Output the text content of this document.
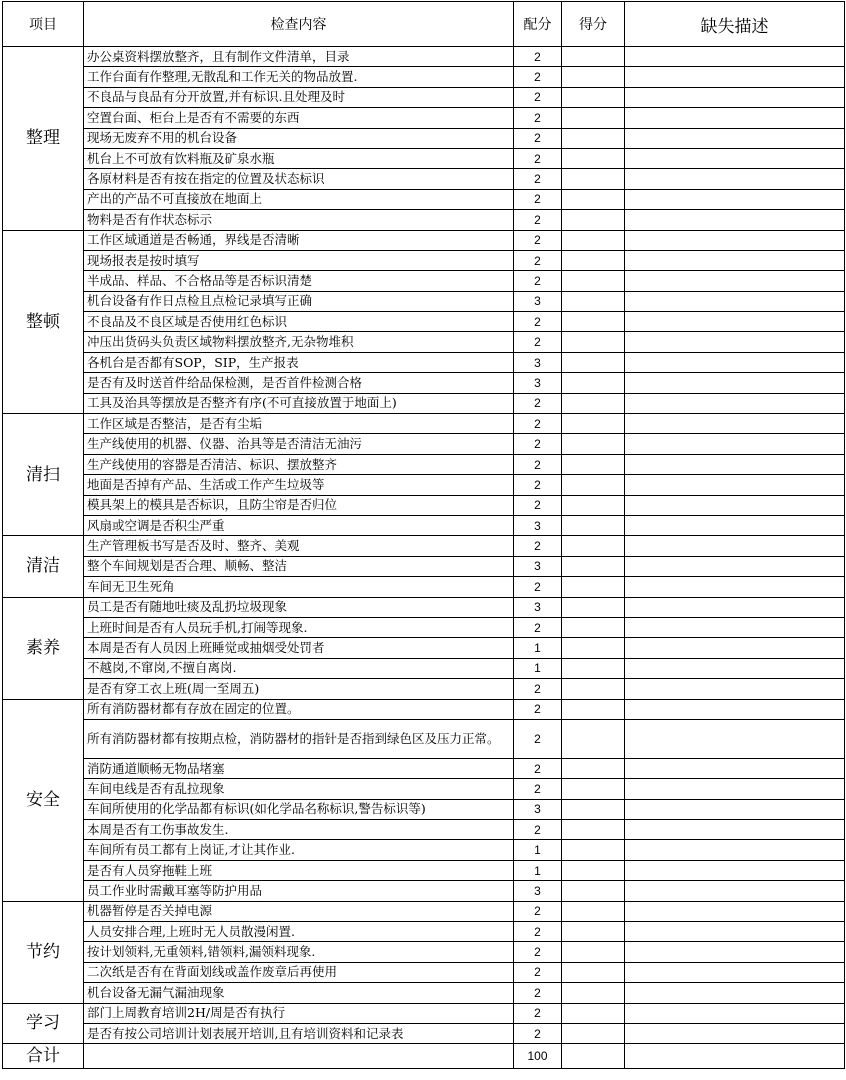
项目	检查内容	配分	得分	缺失描述
整理	办公桌资料摆放整齐，且有制作文件清单，目录	2		
	工作台面有作整理,无散乱和工作无关的物品放置.	2		
	不良品与良品有分开放置,并有标识.且处理及时	2		
	空置台面、柜台上是否有不需要的东西	2		
	现场无废弃不用的机台设备	2		
	机台上不可放有饮料瓶及矿泉水瓶	2		
	各原材料是否有按在指定的位置及状态标识	2		
	产出的产品不可直接放在地面上	2		
	物料是否有作状态标示	2		
整顿	工作区域通道是否畅通，界线是否清晰	2		
	现场报表是按时填写	2		
	半成品、样品、不合格品等是否标识清楚	2		
	机台设备有作日点检且点检记录填写正确	3		
	不良品及不良区域是否使用红色标识	2		
	冲压出货码头负责区域物料摆放整齐,无杂物堆积	2		
	各机台是否都有SOP，SIP，生产报表	3		
	是否有及时送首件给品保检测，是否首件检测合格	3		
	工具及治具等摆放是否整齐有序(不可直接放置于地面上)	2		
清扫	工作区域是否整洁，是否有尘垢	2		
	生产线使用的机器、仪器、治具等是否清洁无油污	2		
	生产线使用的容器是否清洁、标识、摆放整齐	2		
	地面是否掉有产品、生活或工作产生垃圾等	2		
	模具架上的模具是否标识，且防尘帘是否归位	2		
	风扇或空调是否积尘严重	3		
清洁	生产管理板书写是否及时、整齐、美观	2		
	整个车间规划是否合理、顺畅、整洁	3		
	车间无卫生死角	2		
素养	员工是否有随地吐痰及乱扔垃圾现象	3		
	上班时间是否有人员玩手机,打闹等现象.	2		
	本周是否有人员因上班睡觉或抽烟受处罚者	1		
	不越岗,不窜岗,不擅自离岗.	1		
	是否有穿工衣上班(周一至周五)	2		
安全	所有消防器材都有存放在固定的位置。	2		
	所有消防器材都有按期点检，消防器材的指针是否指到绿色区及压力正常。	2		
	消防通道顺畅无物品堵塞	2		
	车间电线是否有乱拉现象	2		
	车间所使用的化学品都有标识(如化学品名称标识,警告标识等)	3		
	本周是否有工伤事故发生.	2		
	车间所有员工都有上岗证,才让其作业.	1		
	是否有人员穿拖鞋上班	1		
	员工作业时需戴耳塞等防护用品	3		
节约	机器暂停是否关掉电源	2		
	人员安排合理,上班时无人员散漫闲置.	2		
	按计划领料,无重领料,错领料,漏领料现象.	2		
	二次纸是否有在背面划线或盖作废章后再使用	2		
	机台设备无漏气漏油现象	2		
学习	部门上周教育培训2H/周是否有执行	2		
	是否有按公司培训计划表展开培训,且有培训资料和记录表	2		
合计		100		
